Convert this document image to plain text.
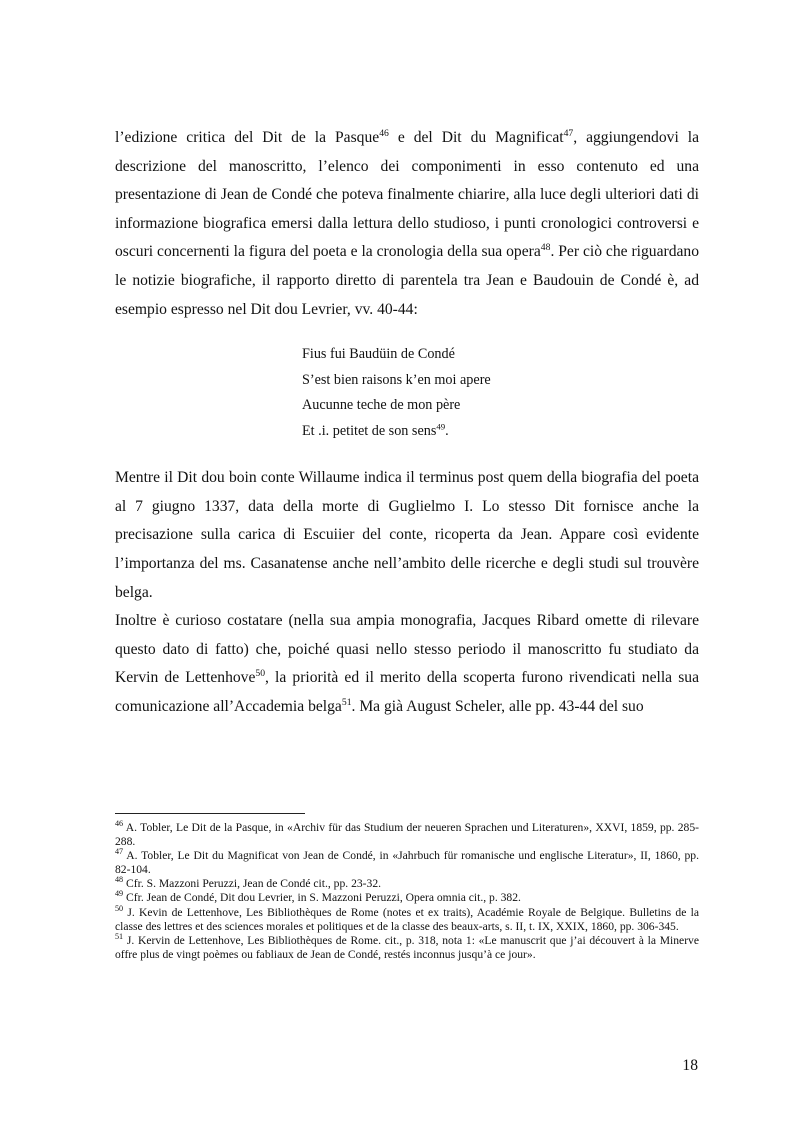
l’edizione critica del Dit de la Pasque$^{46}$ e del Dit du Magnificat$^{47}$, aggiungendovi la descrizione del manoscritto, l’elenco dei componimenti in esso contenuto ed una presentazione di Jean de Condé che poteva finalmente chiarire, alla luce degli ulteriori dati di informazione biografica emersi dalla lettura dello studioso, i punti cronologici controversi e oscuri concernenti la figura del poeta e la cronologia della sua opera$^{48}$. Per ciò che riguardano le notizie biografiche, il rapporto diretto di parentela tra Jean e Baudouin de Condé è, ad esempio espresso nel Dit dou Levrier, vv. 40-44:

Fius fui Baudüin de Condé
S’est bien raisons k’en moi apere
Aucunne teche de mon père
Et .i. petitet de son sens$^{49}$.

Mentre il Dit dou boin conte Willaume indica il terminus post quem della biografia del poeta al 7 giugno 1337, data della morte di Guglielmo I. Lo stesso Dit fornisce anche la precisazione sulla carica di Escuiier del conte, ricoperta da Jean. Appare così evidente l’importanza del ms. Casanatense anche nell’ambito delle ricerche e degli studi sul trouvère belga.

Inoltre è curioso costatare (nella sua ampia monografia, Jacques Ribard omette di rilevare questo dato di fatto) che, poiché quasi nello stesso periodo il manoscritto fu studiato da Kervin de Lettenhove$^{50}$, la priorità ed il merito della scoperta furono rivendicati nella sua comunicazione all’Accademia belga$^{51}$. Ma già August Scheler, alle pp. 43-44 del suo

$^{46}$ A. Tobler, Le Dit de la Pasque, in «Archiv für das Studium der neueren Sprachen und Literaturen», XXVI, 1859, pp. 285-288.

$^{47}$ A. Tobler, Le Dit du Magnificat von Jean de Condé, in «Jahrbuch für romanische und englische Literatur», II, 1860, pp. 82-104.

$^{48}$ Cfr. S. Mazzoni Peruzzi, Jean de Condé cit., pp. 23-32.

$^{49}$ Cfr. Jean de Condé, Dit dou Levrier, in S. Mazzoni Peruzzi, Opera omnia cit., p. 382.

$^{50}$ J. Kevin de Lettenhove, Les Bibliothèques de Rome (notes et ex traits), Académie Royale de Belgique. Bulletins de la classe des lettres et des sciences morales et politiques et de la classe des beaux-arts, s. II, t. IX, XXIX, 1860, pp. 306-345.

$^{51}$ J. Kervin de Lettenhove, Les Bibliothèques de Rome. cit., p. 318, nota 1: «Le manuscrit que j’ai découvert à la Minerve offre plus de vingt poèmes ou fabliaux de Jean de Condé, restés inconnus jusqu’à ce jour».

18
